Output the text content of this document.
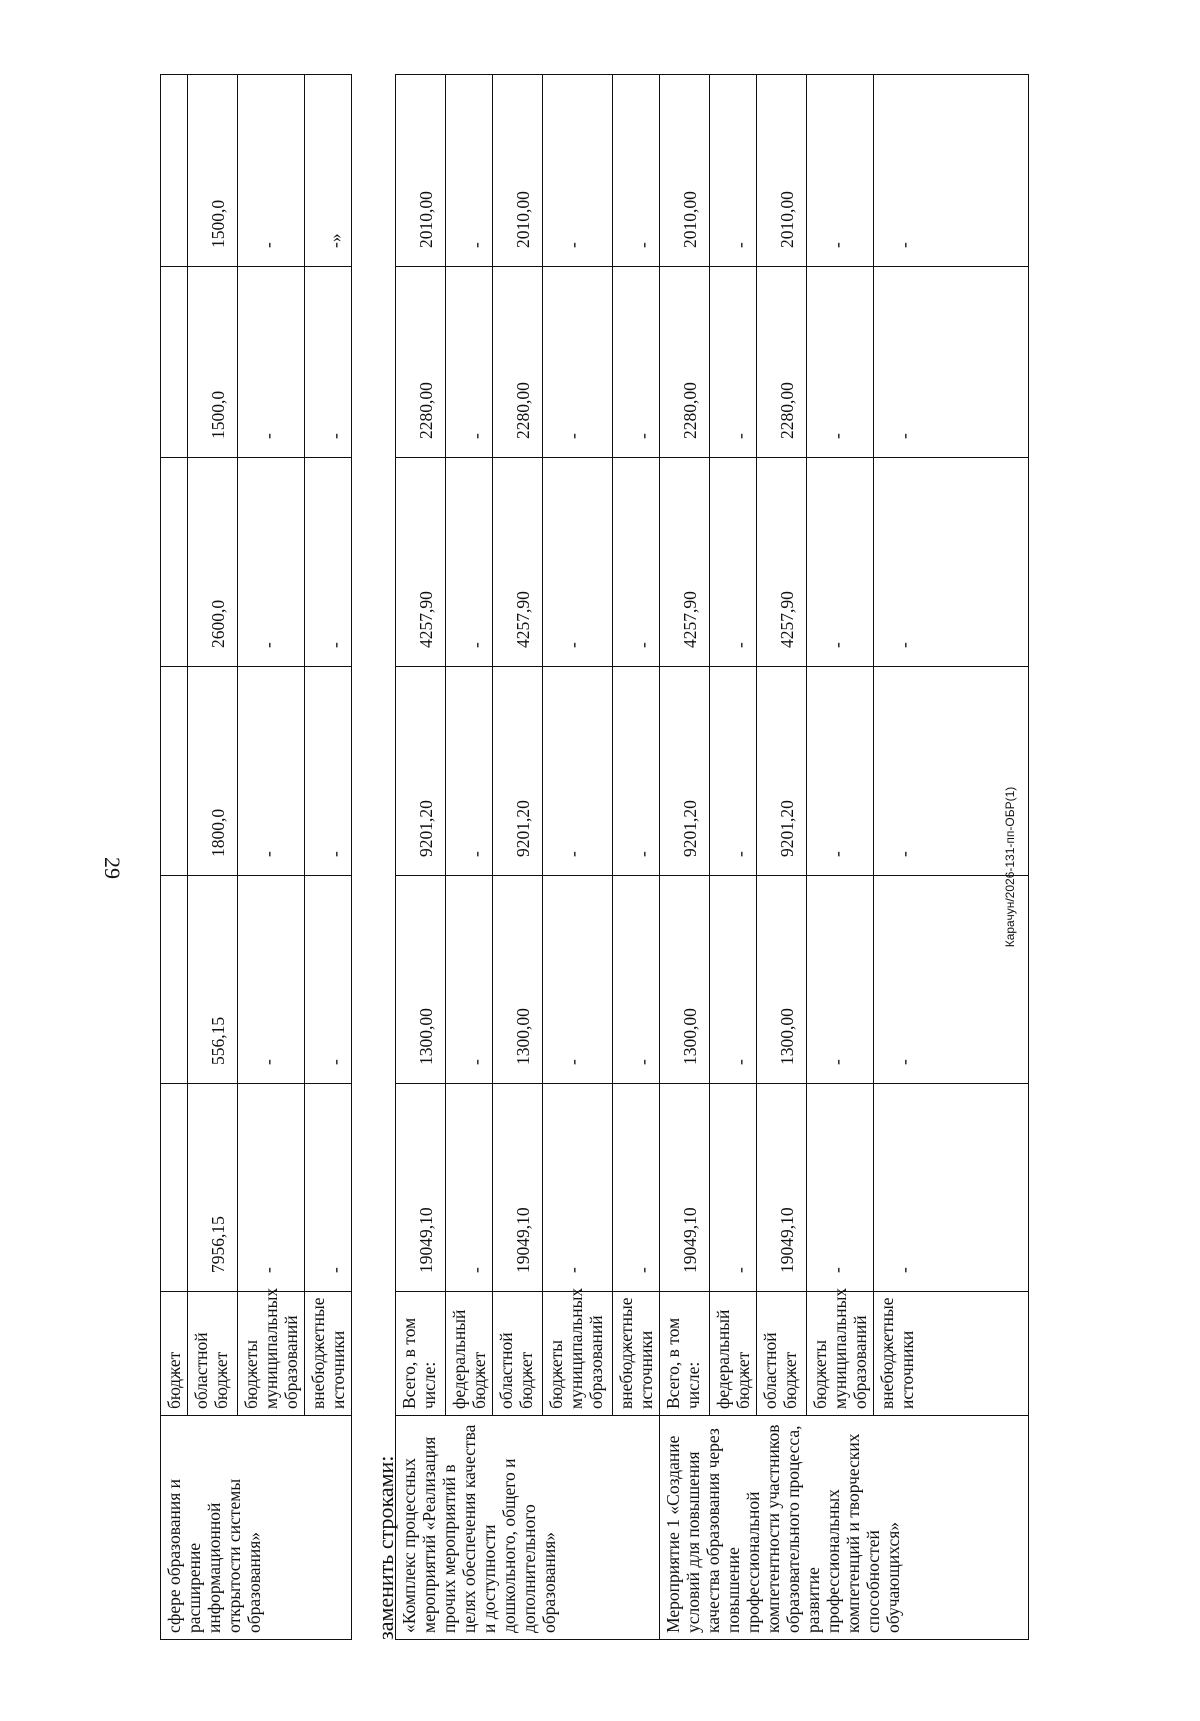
29	Карачун/2026-131-пп-ОБР(1)
сфере образования и расширение информационной открытости системы образования»	бюджет						
	областной бюджет	7956,15	556,15	1800,0	2600,0	1500,0	1500,0
	бюджеты муниципальных образований	-	-	-	-	-	-
	внебюджетные источники	-	-	-	-	-	-»
заменить строками: «Комплекс процессных мероприятий «Реализация прочих мероприятий в целях обеспечения качества и доступности дошкольного, общего и дополнительного образования»	Всего, в том числе:	19049,10	1300,00	9201,20	4257,90	2280,00	2010,00
	федеральный бюджет	-	-	-	-	-	-
	областной бюджет	19049,10	1300,00	9201,20	4257,90	2280,00	2010,00
	бюджеты муниципальных образований	-	-	-	-	-	-
	внебюджетные источники	-	-	-	-	-	-
Мероприятие 1 «Создание условий для повышения качества образования через повышение профессиональной компетентности участников образовательного процесса, развитие профессиональных компетенций и творческих способностей обучающихся»	Всего, в том числе:	19049,10	1300,00	9201,20	4257,90	2280,00	2010,00
	федеральный бюджет	-	-	-	-	-	-
	областной бюджет	19049,10	1300,00	9201,20	4257,90	2280,00	2010,00
	бюджеты муниципальных образований	-	-	-	-	-	-
	внебюджетные источники	-	-	-	-	-	-
